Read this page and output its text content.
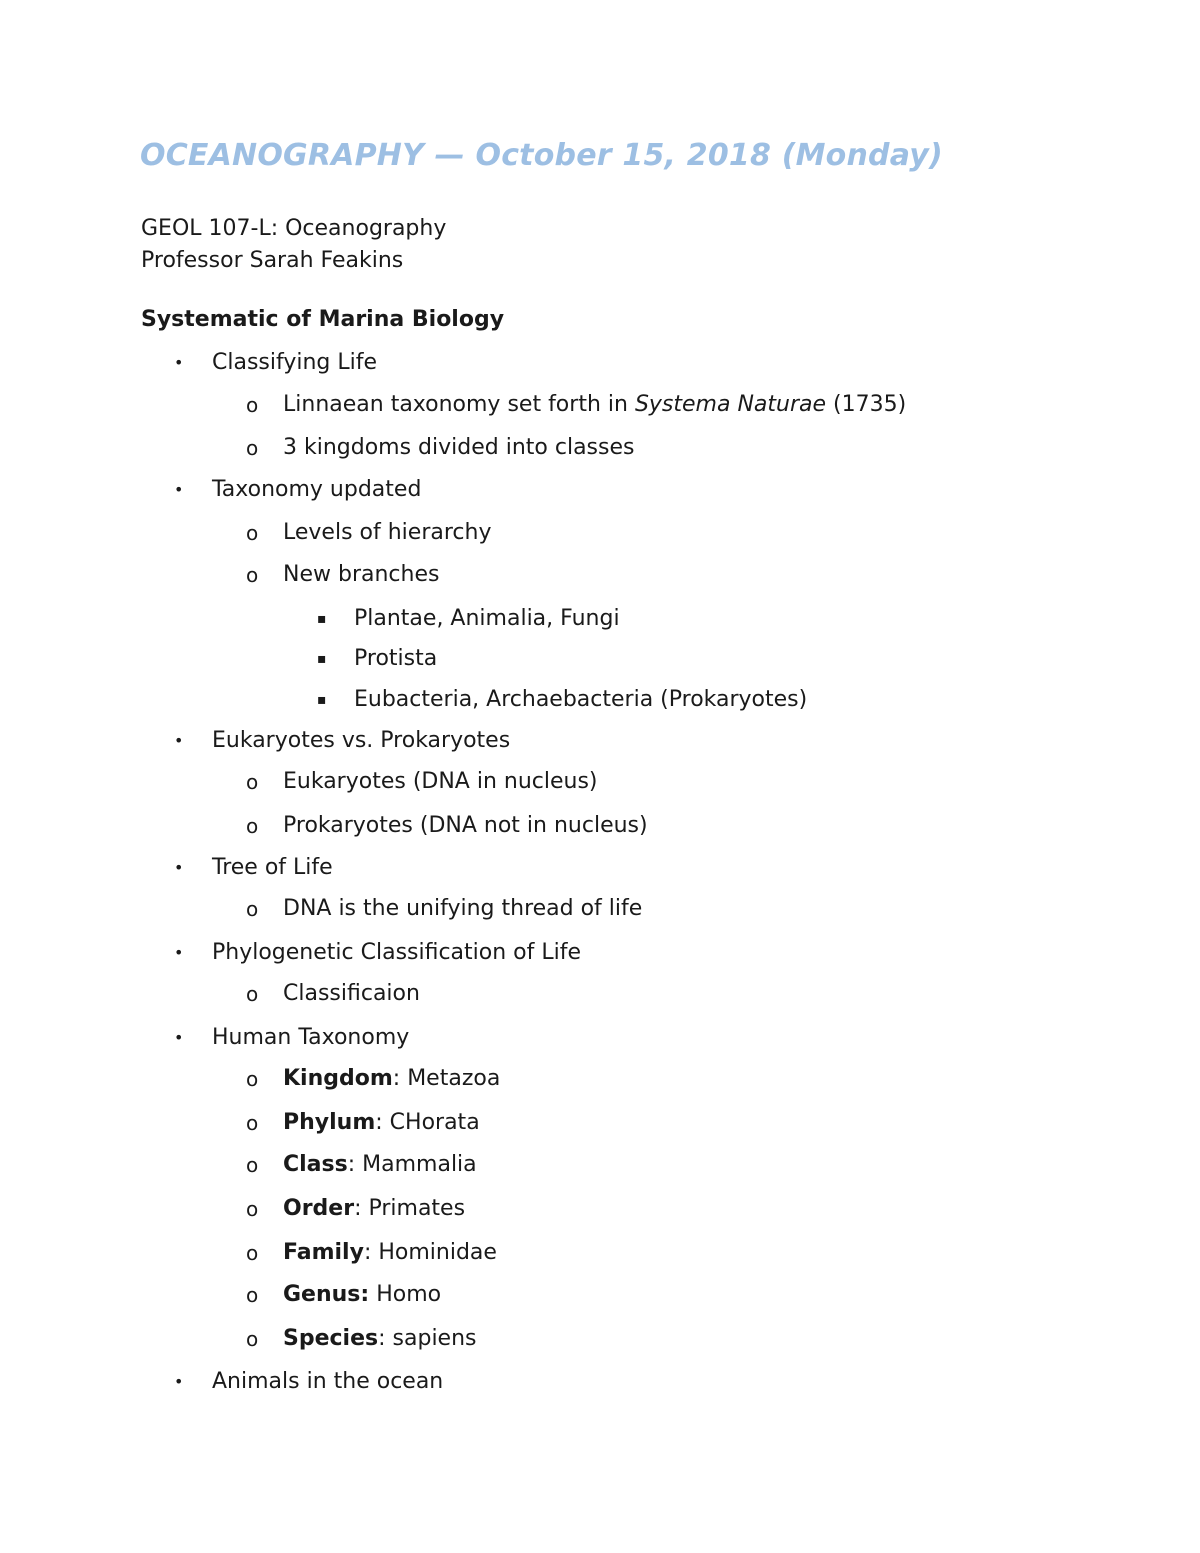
OCEANOGRAPHY — October 15, 2018 (Monday)
GEOL 107-L: Oceanography
Professor Sarah Feakins
Systematic of Marina Biology
• Classifying Life
o Linnaean taxonomy set forth in Systema Naturae (1735)
o 3 kingdoms divided into classes
• Taxonomy updated
o Levels of hierarchy
o New branches
▪ Plantae, Animalia, Fungi
▪ Protista
▪ Eubacteria, Archaebacteria (Prokaryotes)
• Eukaryotes vs. Prokaryotes
o Eukaryotes (DNA in nucleus)
o Prokaryotes (DNA not in nucleus)
• Tree of Life
o DNA is the unifying thread of life
• Phylogenetic Classification of Life
o Classificaion
• Human Taxonomy
o Kingdom: Metazoa
o Phylum: CHorata
o Class: Mammalia
o Order: Primates
o Family: Hominidae
o Genus: Homo
o Species: sapiens
• Animals in the ocean
